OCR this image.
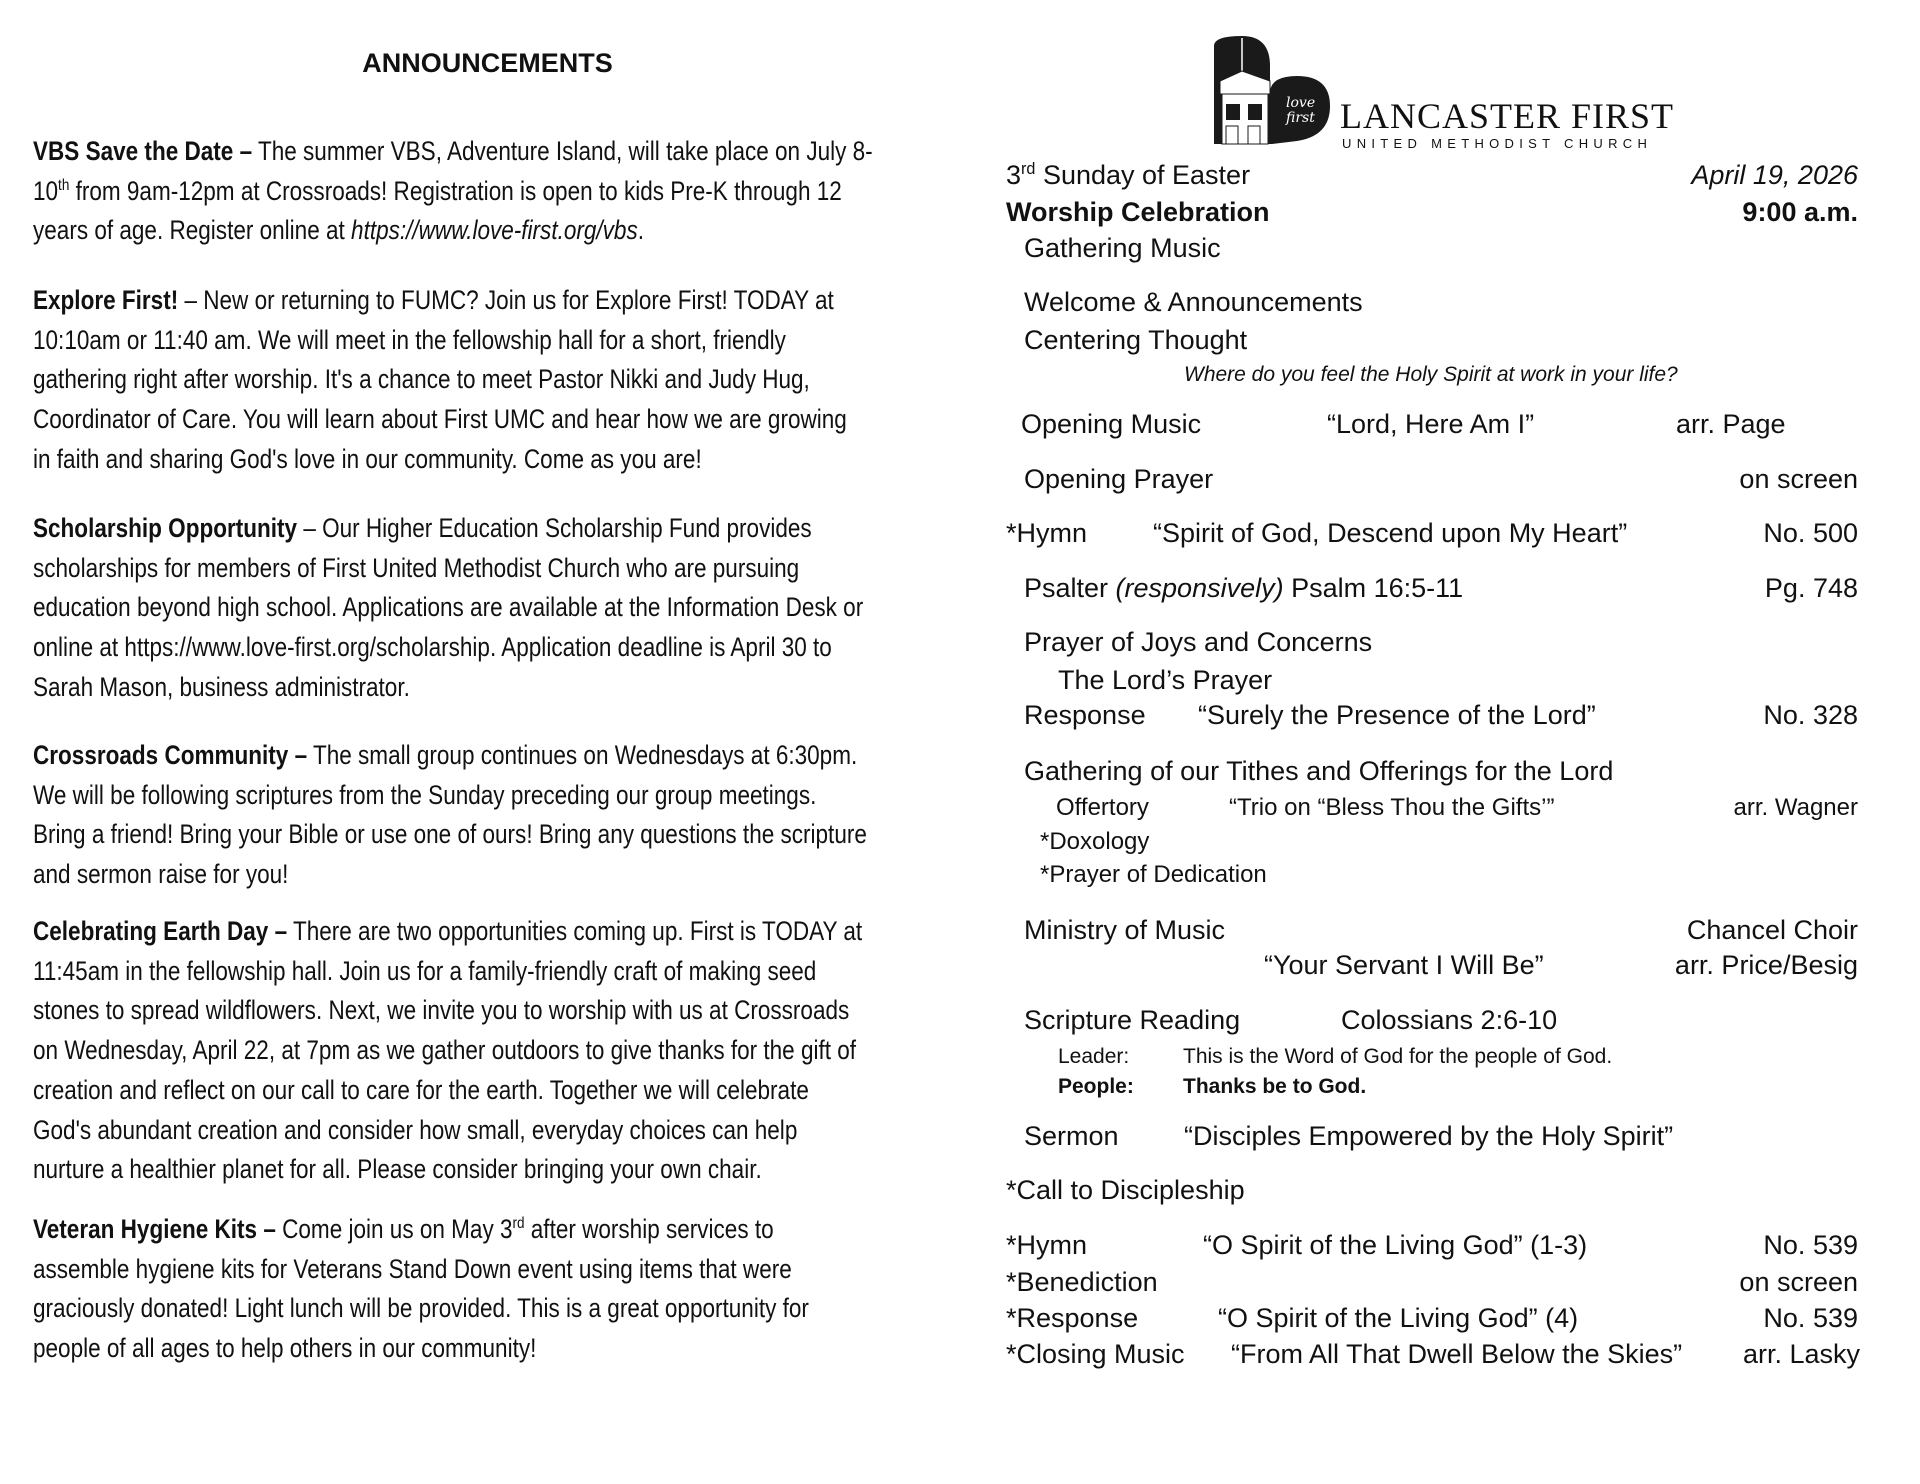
ANNOUNCEMENTS
VBS Save the Date – The summer VBS, Adventure Island, will take place on July 8-
10th from 9am-12pm at Crossroads! Registration is open to kids Pre-K through 12
years of age. Register online at https://www.love-first.org/vbs.
Explore First! – New or returning to FUMC? Join us for Explore First! TODAY at
10:10am or 11:40 am. We will meet in the fellowship hall for a short, friendly
gathering right after worship. It's a chance to meet Pastor Nikki and Judy Hug,
Coordinator of Care. You will learn about First UMC and hear how we are growing
in faith and sharing God's love in our community. Come as you are!
Scholarship Opportunity – Our Higher Education Scholarship Fund provides
scholarships for members of First United Methodist Church who are pursuing
education beyond high school. Applications are available at the Information Desk or
online at https://www.love-first.org/scholarship. Application deadline is April 30 to
Sarah Mason, business administrator.
Crossroads Community – The small group continues on Wednesdays at 6:30pm.
We will be following scriptures from the Sunday preceding our group meetings.
Bring a friend! Bring your Bible or use one of ours! Bring any questions the scripture
and sermon raise for you!
Celebrating Earth Day – There are two opportunities coming up. First is TODAY at
11:45am in the fellowship hall. Join us for a family-friendly craft of making seed
stones to spread wildflowers. Next, we invite you to worship with us at Crossroads
on Wednesday, April 22, at 7pm as we gather outdoors to give thanks for the gift of
creation and reflect on our call to care for the earth. Together we will celebrate
God's abundant creation and consider how small, everyday choices can help
nurture a healthier planet for all. Please consider bringing your own chair.
Veteran Hygiene Kits – Come join us on May 3rd after worship services to
assemble hygiene kits for Veterans Stand Down event using items that were
graciously donated! Light lunch will be provided. This is a great opportunity for
people of all ages to help others in our community!
love first LANCASTER FIRST
UNITED METHODIST CHURCH
3rd Sunday of Easter	April 19, 2026
Worship Celebration	9:00 a.m.
Gathering Music
Welcome & Announcements
Centering Thought
Where do you feel the Holy Spirit at work in your life?
Opening Music	“Lord, Here Am I”	arr. Page
Opening Prayer	on screen
*Hymn “Spirit of God, Descend upon My Heart”	No. 500
Psalter (responsively) Psalm 16:5-11	Pg. 748
Prayer of Joys and Concerns
The Lord’s Prayer
Response “Surely the Presence of the Lord”	No. 328
Gathering of our Tithes and Offerings for the Lord
Offertory	“Trio on “Bless Thou the Gifts’”	arr. Wagner
*Doxology
*Prayer of Dedication
Ministry of Music	Chancel Choir
“Your Servant I Will Be”	arr. Price/Besig
Scripture Reading	Colossians 2:6-10
Leader:	This is the Word of God for the people of God.
People: Thanks be to God.
Sermon “Disciples Empowered by the Holy Spirit”
*Call to Discipleship
*Hymn	“O Spirit of the Living God” (1-3)	No. 539
*Benediction	on screen
*Response	“O Spirit of the Living God” (4)	No. 539
*Closing Music “From All That Dwell Below the Skies” arr. Lasky
